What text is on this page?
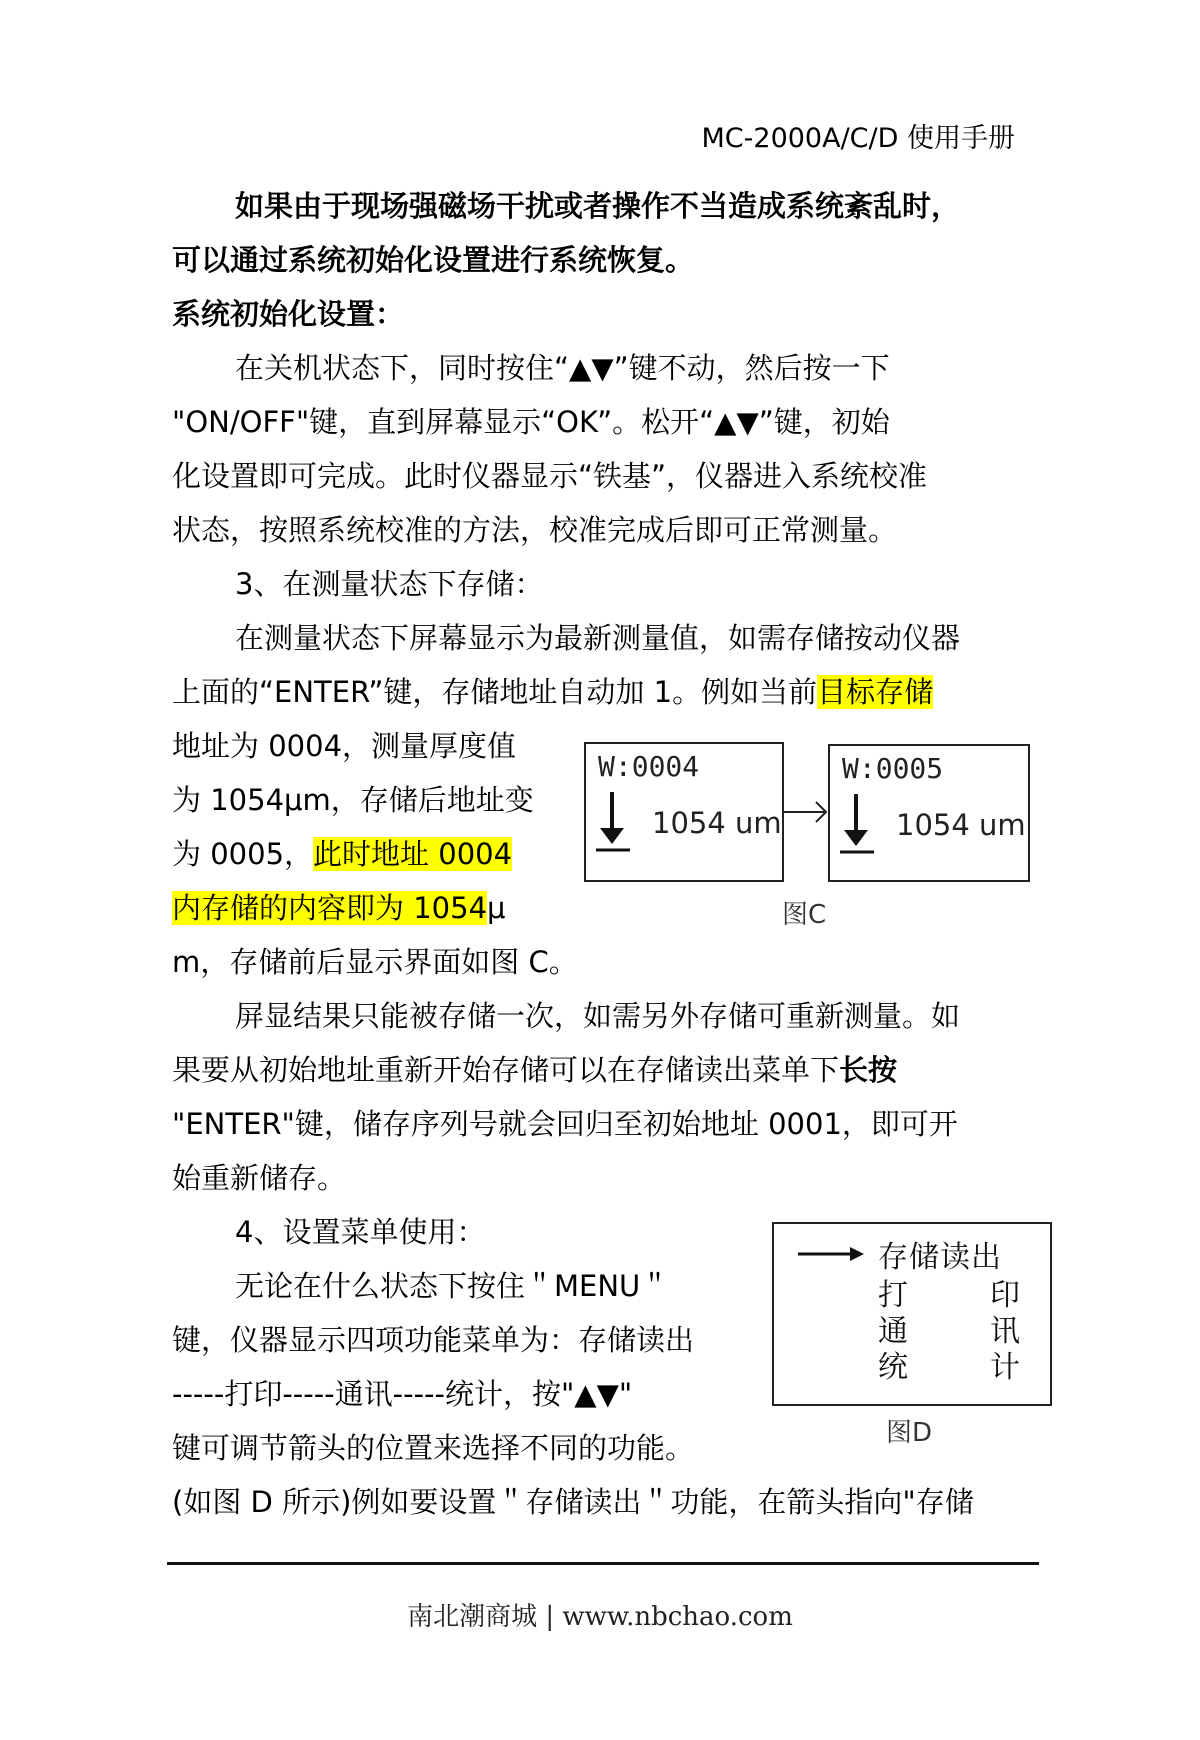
MC-2000A/C/D 使用手册
如果由于现场强磁场干扰或者操作不当造成系统紊乱时，
可以通过系统初始化设置进行系统恢复。
系统初始化设置：
在关机状态下，同时按住“▲▼”键不动，然后按一下
"ON/OFF"键，直到屏幕显示“OK”。松开“▲▼”键，初始
化设置即可完成。此时仪器显示“铁基”，仪器进入系统校准
状态，按照系统校准的方法，校准完成后即可正常测量。
3、在测量状态下存储：
在测量状态下屏幕显示为最新测量值，如需存储按动仪器
上面的“ENTER”键，存储地址自动加 1。例如当前目标存储
地址为 0004，测量厚度值
为 1054μm，存储后地址变
为 0005，此时地址 0004
内存储的内容即为 1054μ
m，存储前后显示界面如图 C。
W:0004
1054 um
W:0005
1054 um
图C
屏显结果只能被存储一次，如需另外存储可重新测量。如
果要从初始地址重新开始存储可以在存储读出菜单下长按
"ENTER"键，储存序列号就会回归至初始地址 0001，即可开
始重新储存。
4、设置菜单使用：
无论在什么状态下按住＂MENU＂
键，仪器显示四项功能菜单为：存储读出
-----打印-----通讯-----统计，按"▲▼"
键可调节箭头的位置来选择不同的功能。
(如图 D 所示)例如要设置＂存储读出＂功能，在箭头指向"存储
存储读出
打	印
通	讯
统	计
图D
南北潮商城 | www.nbchao.com
